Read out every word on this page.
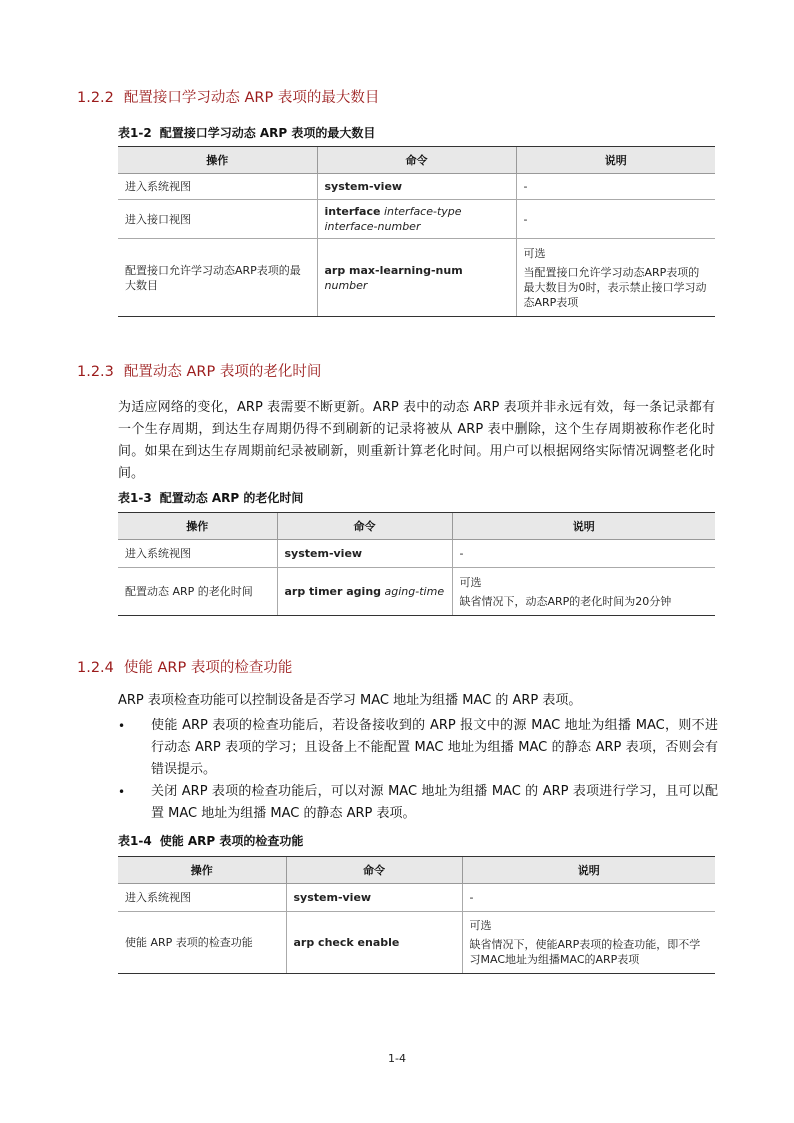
1.2.2 配置接口学习动态 ARP 表项的最大数目
表1-2 配置接口学习动态 ARP 表项的最大数目
操作	命令	说明
进入系统视图	system-view	-

进入接口视图	interface interface-type interface-number	-

配置接口允许学习动态ARP表项的最大数目	arp max-learning-num number	可选
当配置接口允许学习动态ARP表项的最大数目为0时，表示禁止接口学习动态ARP表项
1.2.3 配置动态 ARP 表项的老化时间
为适应网络的变化，ARP 表需要不断更新。ARP 表中的动态 ARP 表项并非永远有效，每一条记录都有一个生存周期，到达生存周期仍得不到刷新的记录将被从 ARP 表中删除，这个生存周期被称作老化时间。如果在到达生存周期前纪录被刷新，则重新计算老化时间。用户可以根据网络实际情况调整老化时间。
表1-3 配置动态 ARP 的老化时间
操作	命令	说明
进入系统视图	system-view	-

配置动态 ARP 的老化时间	arp timer aging aging-time	可选
缺省情况下，动态ARP的老化时间为20分钟
1.2.4 使能 ARP 表项的检查功能
ARP 表项检查功能可以控制设备是否学习 MAC 地址为组播 MAC 的 ARP 表项。
•	使能 ARP 表项的检查功能后，若设备接收到的 ARP 报文中的源 MAC 地址为组播 MAC，则不进行动态 ARP 表项的学习；且设备上不能配置 MAC 地址为组播 MAC 的静态 ARP 表项，否则会有错误提示。
•	关闭 ARP 表项的检查功能后，可以对源 MAC 地址为组播 MAC 的 ARP 表项进行学习，且可以配置 MAC 地址为组播 MAC 的静态 ARP 表项。
表1-4 使能 ARP 表项的检查功能
操作	命令	说明
进入系统视图	system-view	-

使能 ARP 表项的检查功能	arp check enable	可选
缺省情况下，使能ARP表项的检查功能，即不学习MAC地址为组播MAC的ARP表项
1-4
